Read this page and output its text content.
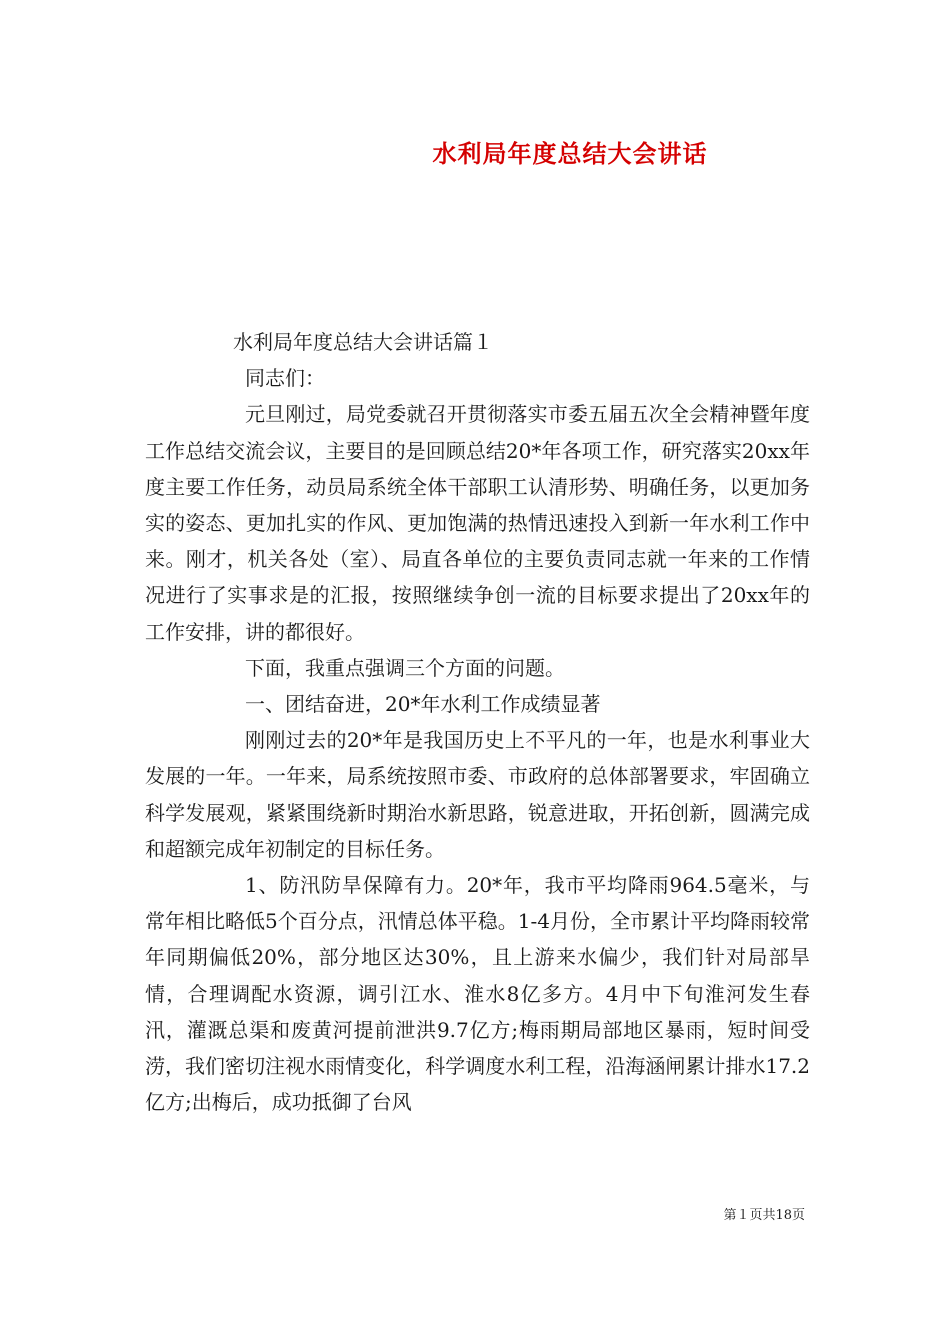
水利局年度总结大会讲话

水利局年度总结大会讲话篇１

同志们：

元旦刚过，局党委就召开贯彻落实市委五届五次全会精神暨年度工作总结交流会议，主要目的是回顾总结20*年各项工作，研究落实20xx年度主要工作任务，动员局系统全体干部职工认清形势、明确任务，以更加务实的姿态、更加扎实的作风、更加饱满的热情迅速投入到新一年水利工作中来。刚才，机关各处（室）、局直各单位的主要负责同志就一年来的工作情况进行了实事求是的汇报，按照继续争创一流的目标要求提出了20xx年的工作安排，讲的都很好。

下面，我重点强调三个方面的问题。

一、团结奋进，20*年水利工作成绩显著

刚刚过去的20*年是我国历史上不平凡的一年，也是水利事业大发展的一年。一年来，局系统按照市委、市政府的总体部署要求，牢固确立科学发展观，紧紧围绕新时期治水新思路，锐意进取，开拓创新，圆满完成和超额完成年初制定的目标任务。

1、防汛防旱保障有力。20*年，我市平均降雨964.5毫米，与常年相比略低5个百分点，汛情总体平稳。1-4月份，全市累计平均降雨较常年同期偏低20%，部分地区达30%，且上游来水偏少，我们针对局部旱情，合理调配水资源，调引江水、淮水8亿多方。4月中下旬淮河发生春汛，灌溉总渠和废黄河提前泄洪9.7亿方;梅雨期局部地区暴雨，短时间受涝，我们密切注视水雨情变化，科学调度水利工程，沿海涵闸累计排水17.2亿方;出梅后，成功抵御了台风

第１页共18页
